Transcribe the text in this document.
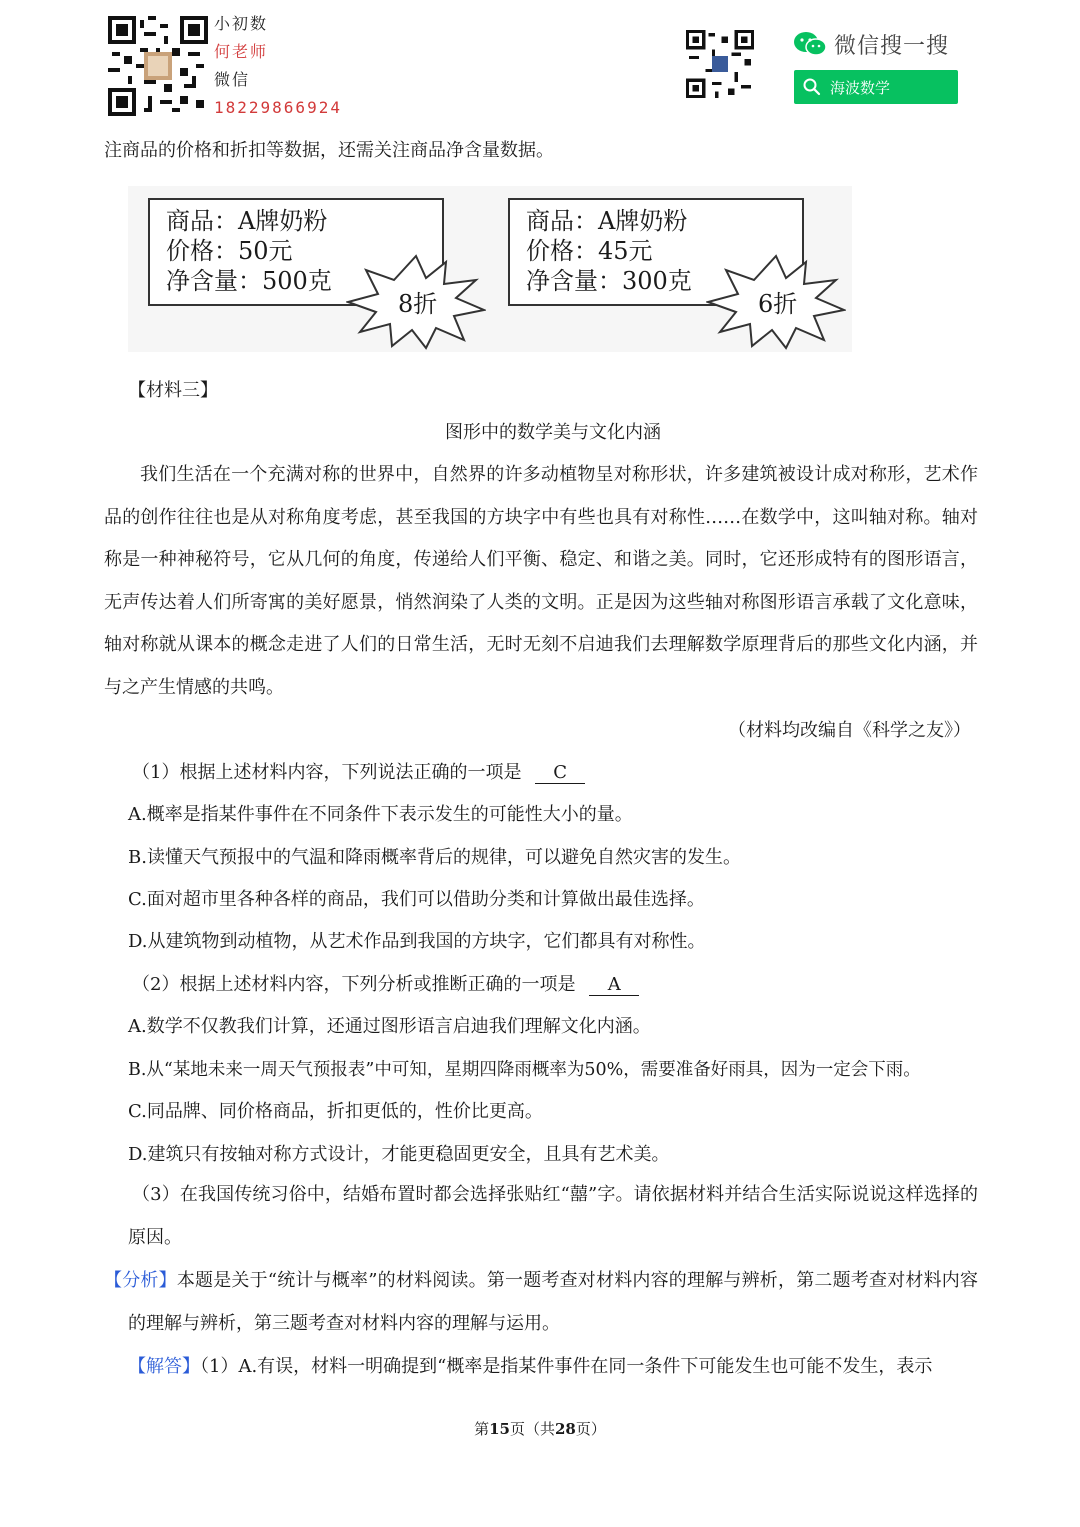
小初数
何老师
微信
18229866924
微信搜一搜
海波数学
注商品的价格和折扣等数据，还需关注商品净含量数据。
商品：A牌奶粉
价格：50元
净含量：500克
8折
商品：A牌奶粉
价格：45元
净含量：300克
6折
【材料三】
图形中的数学美与文化内涵
我们生活在一个充满对称的世界中，自然界的许多动植物呈对称形状，许多建筑被设计成对称形，艺术作品的创作往往也是从对称角度考虑，甚至我国的方块字中有些也具有对称性……在数学中，这叫轴对称。轴对称是一种神秘符号，它从几何的角度，传递给人们平衡、稳定、和谐之美。同时，它还形成特有的图形语言，无声传达着人们所寄寓的美好愿景，悄然润染了人类的文明。正是因为这些轴对称图形语言承载了文化意味，轴对称就从课本的概念走进了人们的日常生活，无时无刻不启迪我们去理解数学原理背后的那些文化内涵，并与之产生情感的共鸣。
（材料均改编自《科学之友》）
（1）根据上述材料内容，下列说法正确的一项是 C
A.概率是指某件事件在不同条件下表示发生的可能性大小的量。
B.读懂天气预报中的气温和降雨概率背后的规律，可以避免自然灾害的发生。
C.面对超市里各种各样的商品，我们可以借助分类和计算做出最佳选择。
D.从建筑物到动植物，从艺术作品到我国的方块字，它们都具有对称性。
（2）根据上述材料内容，下列分析或推断正确的一项是 A
A.数学不仅教我们计算，还通过图形语言启迪我们理解文化内涵。
B.从“某地未来一周天气预报表”中可知，星期四降雨概率为50%，需要准备好雨具，因为一定会下雨。
C.同品牌、同价格商品，折扣更低的，性价比更高。
D.建筑只有按轴对称方式设计，才能更稳固更安全，且具有艺术美。
（3）在我国传统习俗中，结婚布置时都会选择张贴红“囍”字。请依据材料并结合生活实际说说这样选择的原因。
【分析】本题是关于“统计与概率”的材料阅读。第一题考查对材料内容的理解与辨析，第二题考查对材料内容的理解与辨析，第三题考查对材料内容的理解与运用。
【解答】（1）A.有误，材料一明确提到“概率是指某件事件在同一条件下可能发生也可能不发生，表示
第15页（共28页）
